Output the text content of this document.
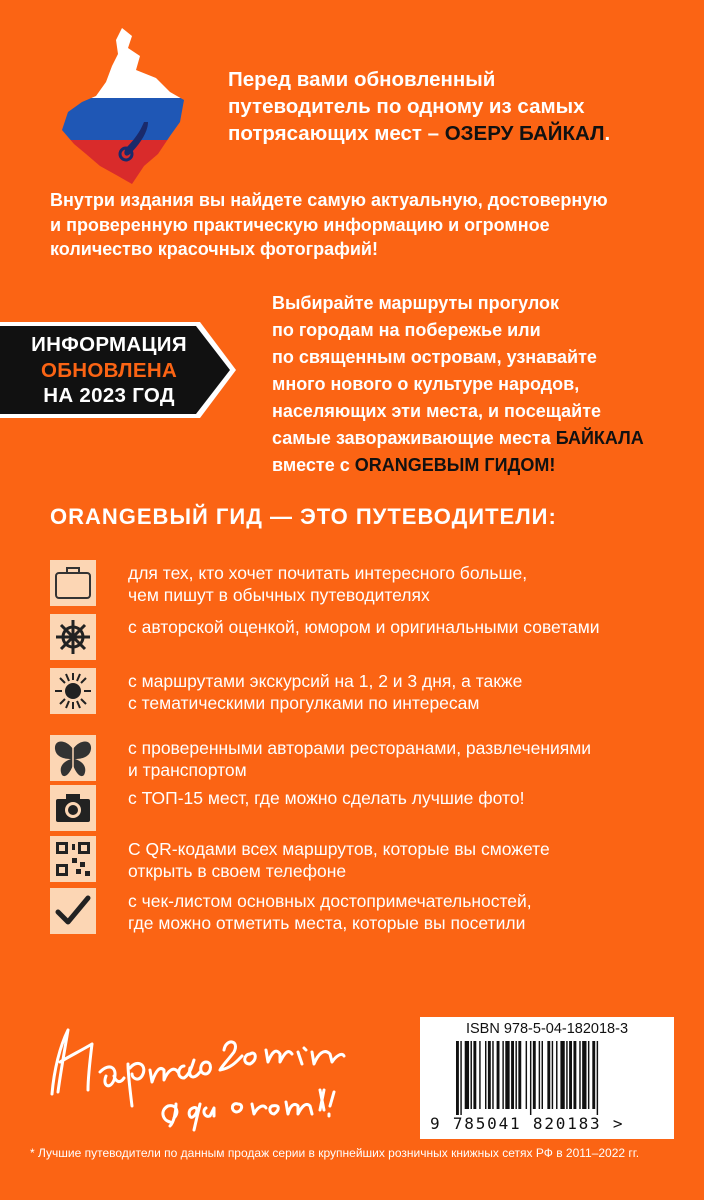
Перед вами обновленный
путеводитель по одному из самых
потрясающих мест – ОЗЕРУ БАЙКАЛ.
Внутри издания вы найдете самую актуальную, достоверную
и проверенную практическую информацию и огромное
количество красочных фотографий!
ИНФОРМАЦИЯ
ОБНОВЛЕНА
НА 2023 ГОД
Выбирайте маршруты прогулок
по городам на побережье или
по священным островам, узнавайте
много нового о культуре народов,
населяющих эти места, и посещайте
самые завораживающие места БАЙКАЛА
вместе с ORANGEВЫМ ГИДОМ!
ORANGEВЫЙ ГИД — ЭТО ПУТЕВОДИТЕЛИ:
для тех, кто хочет почитать интересного больше,
чем пишут в обычных путеводителях
с авторской оценкой, юмором и оригинальными советами
с маршрутами экскурсий на 1, 2 и 3 дня, а также
с тематическими прогулками по интересам
с проверенными авторами ресторанами, развлечениями
и транспортом
с ТОП-15 мест, где можно сделать лучшие фото!
С QR-кодами всех маршрутов, которые вы сможете
открыть в своем телефоне
с чек-листом основных достопримечательностей,
где можно отметить места, которые вы посетили
Написано своими
ISBN 978-5-04-182018-3
9 785041 820183 >
* Лучшие путеводители по данным продаж серии в крупнейших розничных книжных сетях РФ в 2011–2022 гг.
